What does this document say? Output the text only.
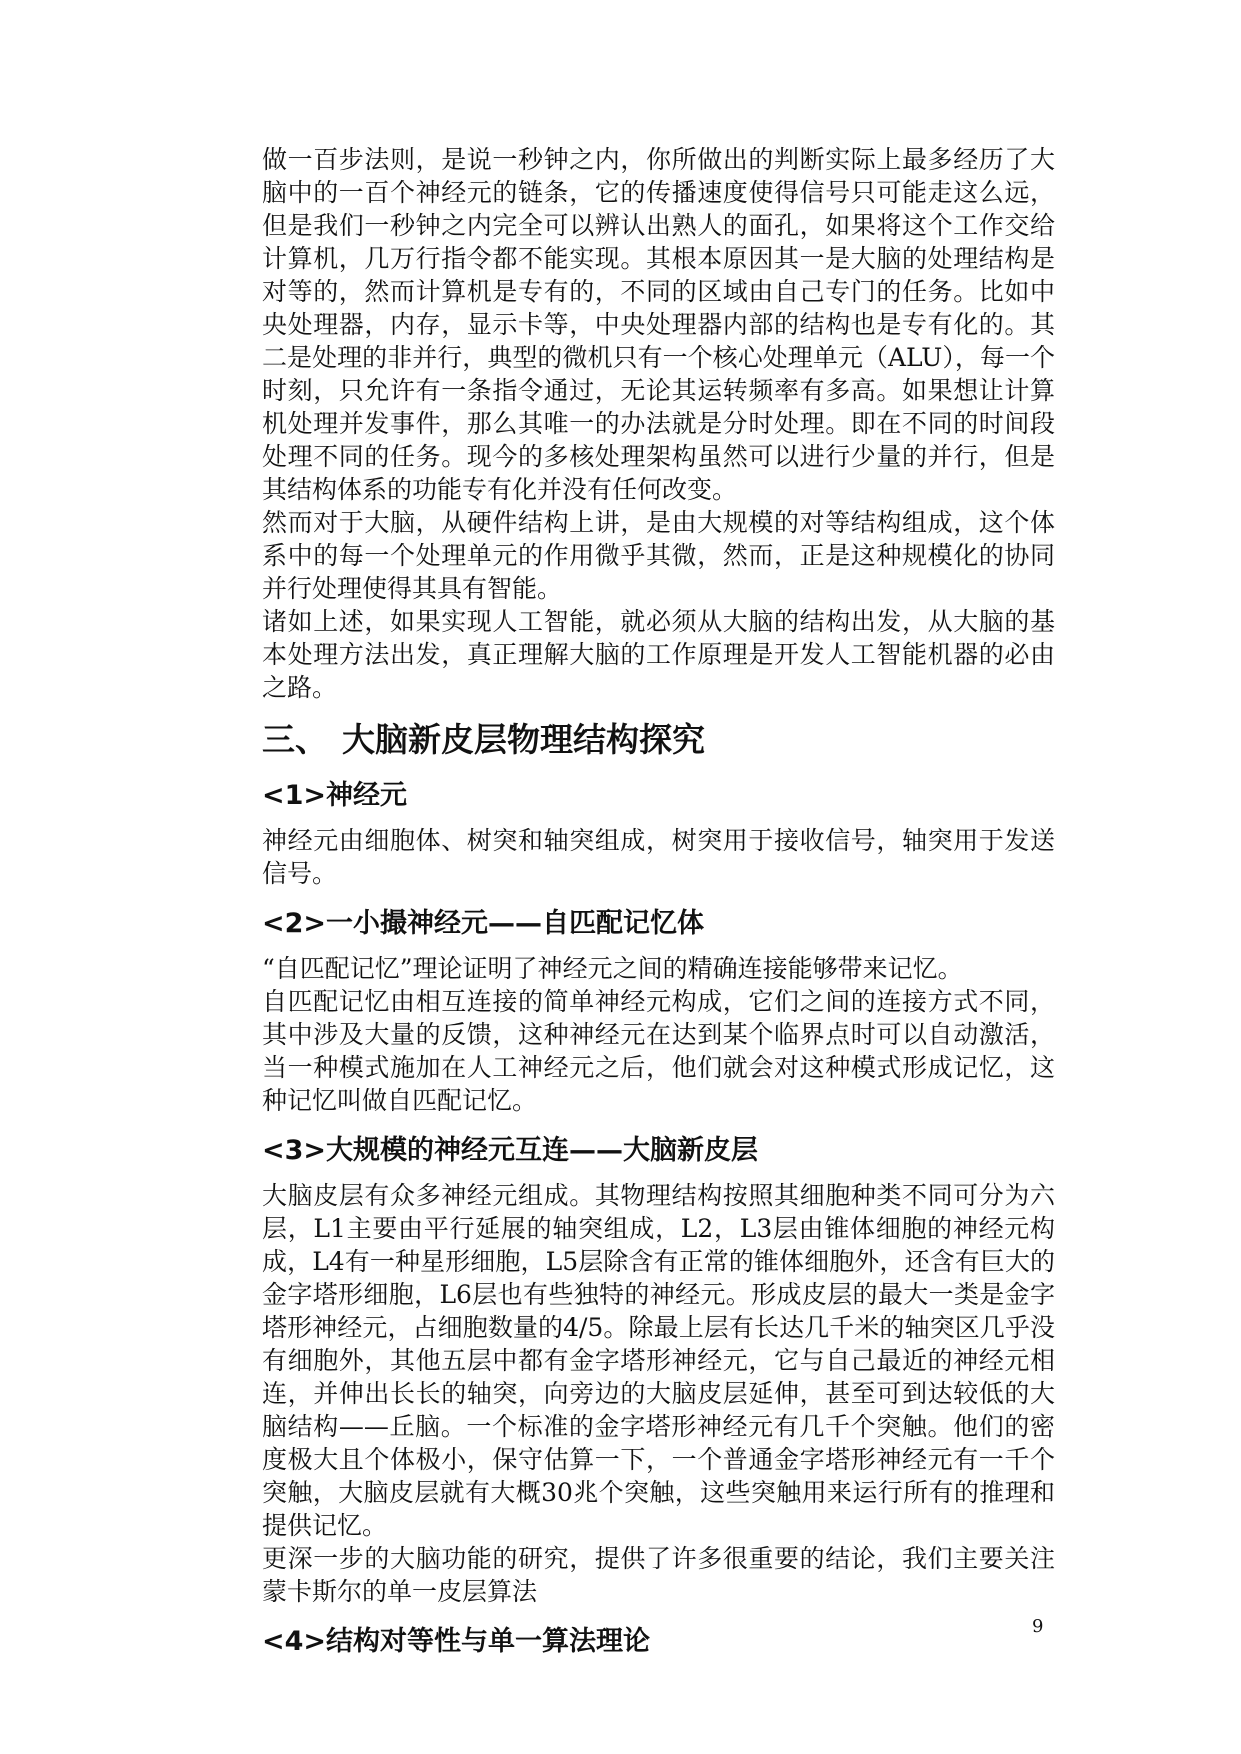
做一百步法则，是说一秒钟之内，你所做出的判断实际上最多经历了大脑中的一百个神经元的链条，它的传播速度使得信号只可能走这么远，但是我们一秒钟之内完全可以辨认出熟人的面孔，如果将这个工作交给计算机，几万行指令都不能实现。其根本原因其一是大脑的处理结构是对等的，然而计算机是专有的，不同的区域由自己专门的任务。比如中央处理器，内存，显示卡等，中央处理器内部的结构也是专有化的。其二是处理的非并行，典型的微机只有一个核心处理单元（ALU），每一个时刻，只允许有一条指令通过，无论其运转频率有多高。如果想让计算机处理并发事件，那么其唯一的办法就是分时处理。即在不同的时间段处理不同的任务。现今的多核处理架构虽然可以进行少量的并行，但是其结构体系的功能专有化并没有任何改变。

然而对于大脑，从硬件结构上讲，是由大规模的对等结构组成，这个体系中的每一个处理单元的作用微乎其微，然而，正是这种规模化的协同并行处理使得其具有智能。

诸如上述，如果实现人工智能，就必须从大脑的结构出发，从大脑的基本处理方法出发，真正理解大脑的工作原理是开发人工智能机器的必由之路。

三、 大脑新皮层物理结构探究
<1>神经元

神经元由细胞体、树突和轴突组成，树突用于接收信号，轴突用于发送信号。

<2>一小撮神经元——自匹配记忆体

“自匹配记忆”理论证明了神经元之间的精确连接能够带来记忆。

自匹配记忆由相互连接的简单神经元构成，它们之间的连接方式不同，其中涉及大量的反馈，这种神经元在达到某个临界点时可以自动激活，当一种模式施加在人工神经元之后，他们就会对这种模式形成记忆，这种记忆叫做自匹配记忆。

<3>大规模的神经元互连——大脑新皮层

大脑皮层有众多神经元组成。其物理结构按照其细胞种类不同可分为六层，L1主要由平行延展的轴突组成，L2，L3层由锥体细胞的神经元构成，L4有一种星形细胞，L5层除含有正常的锥体细胞外，还含有巨大的金字塔形细胞，L6层也有些独特的神经元。形成皮层的最大一类是金字塔形神经元，占细胞数量的4/5。除最上层有长达几千米的轴突区几乎没有细胞外，其他五层中都有金字塔形神经元，它与自己最近的神经元相连，并伸出长长的轴突，向旁边的大脑皮层延伸，甚至可到达较低的大脑结构——丘脑。一个标准的金字塔形神经元有几千个突触。他们的密度极大且个体极小，保守估算一下，一个普通金字塔形神经元有一千个突触，大脑皮层就有大概30兆个突触，这些突触用来运行所有的推理和提供记忆。

更深一步的大脑功能的研究，提供了许多很重要的结论，我们主要关注蒙卡斯尔的单一皮层算法

<4>结构对等性与单一算法理论	9
